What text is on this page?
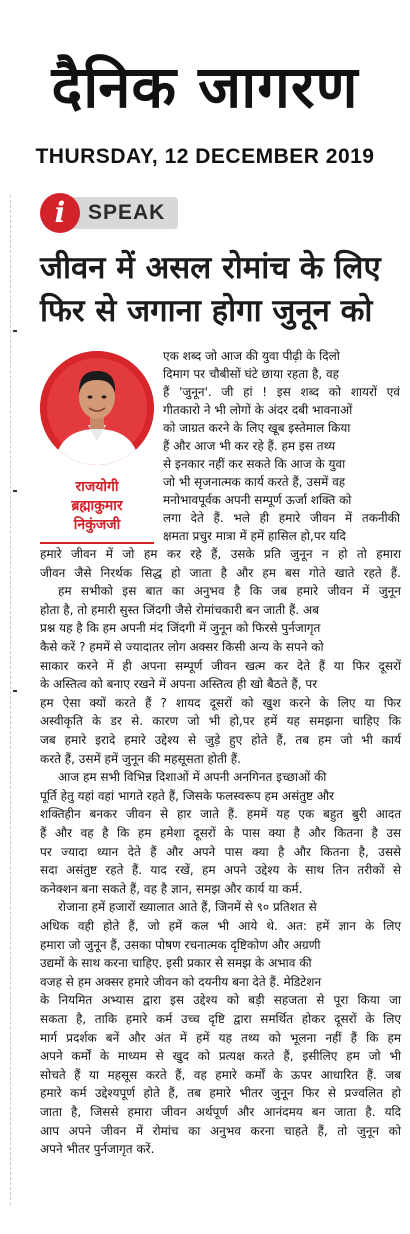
दैनिक जागरण
THURSDAY, 12 DECEMBER 2019
i	SPEAK
जीवन में असल रोमांच के लिए
फिर से जगाना होगा जुनून को
राजयोगी
ब्रह्माकुमार
निकुंजजी
एक शब्द जो आज की युवा पीढ़ी के दिलो
दिमाग पर चौबीसों घंटे छाया रहता है, वह
हैं 'जुनून'. जी हां ! इस शब्द को शायरों एवं
गीतकारो ने भी लोगों के अंदर दबी भावनाओं
को जाग्रत करने के लिए खूब इस्तेमाल किया
हैं और आज भी कर रहे हैं. हम इस तथ्य
से इनकार नहीं कर सकते कि आज के युवा
जो भी सृजनात्मक कार्य करते हैं, उसमें वह
मनोभावपूर्वक अपनी सम्पूर्ण ऊर्जा शक्ति को
लगा देते हैं. भले ही हमारे जीवन में तकनीकी
क्षमता प्रचुर मात्रा में हमें हासिल हो,पर यदि
हमारे जीवन में जो हम कर रहे हैं, उसके प्रति जुनून न हो तो हमारा
जीवन जैसे निरर्थक सिद्ध हो जाता है और हम बस गोते खाते रहते हैं.
हम सभीको इस बात का अनुभव है कि जब हमारे जीवन में जुनून
होता है, तो हमारी सुस्त जिंदगी जैसे रोमांचकारी बन जाती हैं. अब
प्रश्न यह है कि हम अपनी मंद जिंदगी में जुनून को फिरसे पुर्नजागृत
कैसे करें ? हममें से ज्यादातर लोग अक्सर किसी अन्य के सपने को
साकार करने में ही अपना सम्पूर्ण जीवन खत्म कर देते हैं या फिर दूसरों
के अस्तित्व को बनाए रखने में अपना अस्तित्व ही खो बैठते हैं, पर
हम ऐसा क्यों करते हैं ? शायद दूसरों को खुश करने के लिए या फिर
अस्वीकृति के डर से. कारण जो भी हो,पर हमें यह समझना चाहिए कि
जब हमारे इरादे हमारे उद्देश्य से जुड़े हुए होते हैं, तब हम जो भी कार्य
करते हैं, उसमें हमें जुनून की महसूसता होती हैं.
आज हम सभी विभिन्न दिशाओं में अपनी अनगिनत इच्छाओं की
पूर्ति हेतु यहां वहां भागते रहते हैं, जिसके फलस्वरूप हम असंतुष्ट और
शक्तिहीन बनकर जीवन से हार जाते हैं. हममें यह एक बहुत बुरी आदत
हैं और वह है कि हम हमेशा दूसरों के पास क्या है और कितना है उस
पर ज्यादा ध्यान देते हैं और अपने पास क्या है और कितना है, उससे
सदा असंतुष्ट रहते हैं. याद रखें, हम अपने उद्देश्य के साथ तिन तरीकों से
कनेक्शन बना सकते हैं, वह है ज्ञान, समझ और कार्य या कर्म.
रोजाना हमें हजारों ख्यालात आते हैं, जिनमें से ९० प्रतिशत से
अधिक वही होते हैं, जो हमें कल भी आये थे. अत: हमें ज्ञान के लिए
हमारा जो जुनून हैं, उसका पोषण रचनात्मक दृष्टिकोण और अग्रणी
उद्यमों के साथ करना चाहिए. इसी प्रकार से समझ के अभाव की
वजह से हम अक्सर हमारे जीवन को दयनीय बना देते हैं. मेडिटेशन
के नियमित अभ्यास द्वारा इस उद्देश्य को बड़ी सहजता से पूरा किया जा
सकता है, ताकि हमारे कर्म उच्च दृष्टि द्वारा समर्थित होकर दूसरों के लिए
मार्ग प्रदर्शक बनें और अंत में हमें यह तथ्य को भूलना नहीं हैं कि हम
अपने कर्मों के माध्यम से खुद को प्रत्यक्ष करते हैं, इसीलिए हम जो भी
सोचते हैं या महसूस करते हैं, वह हमारे कर्मों के ऊपर आधारित हैं. जब
हमारे कर्म उद्देश्यपूर्ण होते हैं, तब हमारे भीतर जुनून फिर से प्रज्वलित हो
जाता है, जिससे हमारा जीवन अर्थपूर्ण और आनंदमय बन जाता है. यदि
आप अपने जीवन में रोमांच का अनुभव करना चाहते हैं, तो जुनून को
अपने भीतर पुर्नजागृत करें.
